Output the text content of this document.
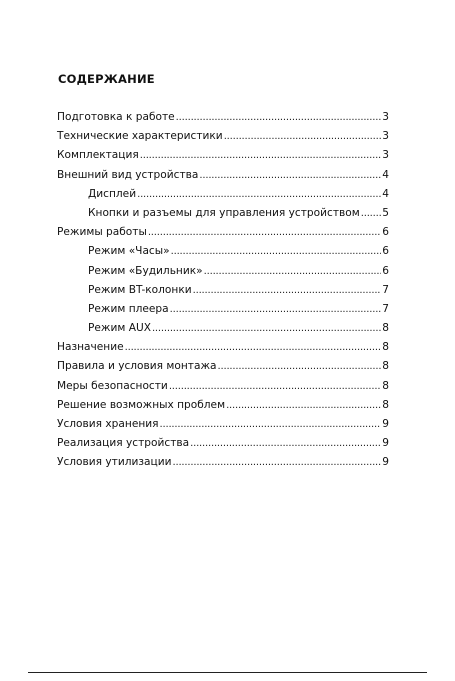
СОДЕРЖАНИЕ
Подготовка к работе .....	3
Технические характеристики .....	3
Комплектация .....	3
Внешний вид устройства .....	4
Дисплей .....	4
Кнопки и разъемы для управления устройством ..... 5
Режимы работы .....	6
Режим «Часы» .....	6
Режим «Будильник» .....	6
Режим BT-колонки .....	7
Режим плеера .....	7
Режим AUX .....	8
Назначение .....	8
Правила и условия монтажа .....	8
Меры безопасности .....	8
Решение возможных проблем .....	8
Условия хранения .....	9
Реализация устройства .....	9
Условия утилизации .....	9
